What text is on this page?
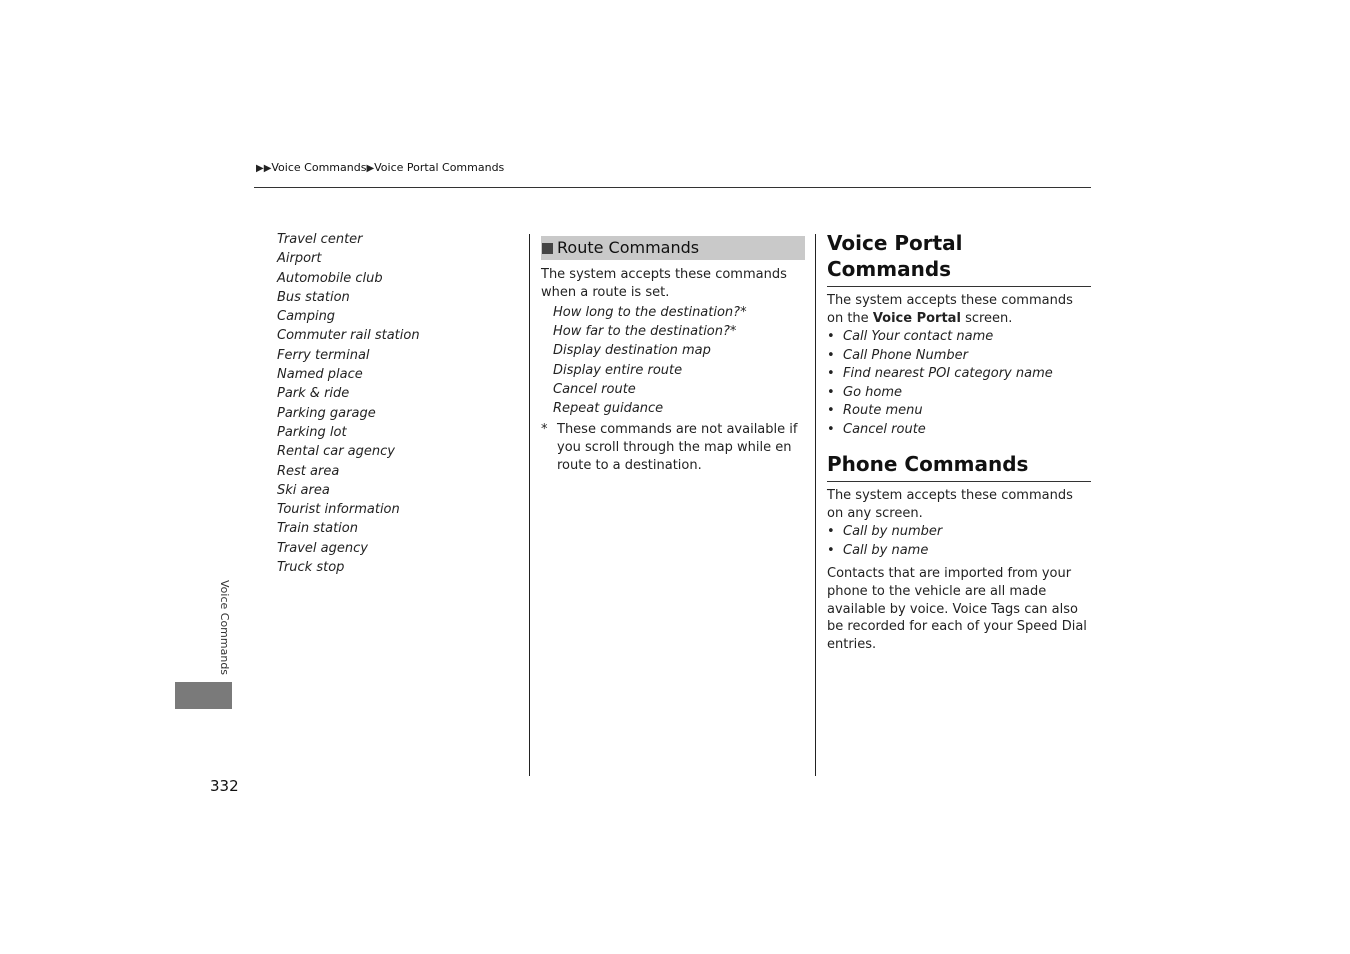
▶▶Voice Commands▶Voice Portal Commands
Travel center
Airport
Automobile club
Bus station
Camping
Commuter rail station
Ferry terminal
Named place
Park & ride
Parking garage
Parking lot
Rental car agency
Rest area
Ski area
Tourist information
Train station
Travel agency
Truck stop
Route Commands
The system accepts these commands when a route is set.
How long to the destination?*
How far to the destination?*
Display destination map
Display entire route
Cancel route
Repeat guidance
* These commands are not available if you scroll through the map while en route to a destination.
Voice Portal Commands
The system accepts these commands on the Voice Portal screen.
• Call Your contact name
• Call Phone Number
• Find nearest POI category name
• Go home
• Route menu
• Cancel route
Phone Commands
The system accepts these commands on any screen.
• Call by number
• Call by name
Contacts that are imported from your phone to the vehicle are all made available by voice. Voice Tags can also be recorded for each of your Speed Dial entries.
Voice Commands
332
